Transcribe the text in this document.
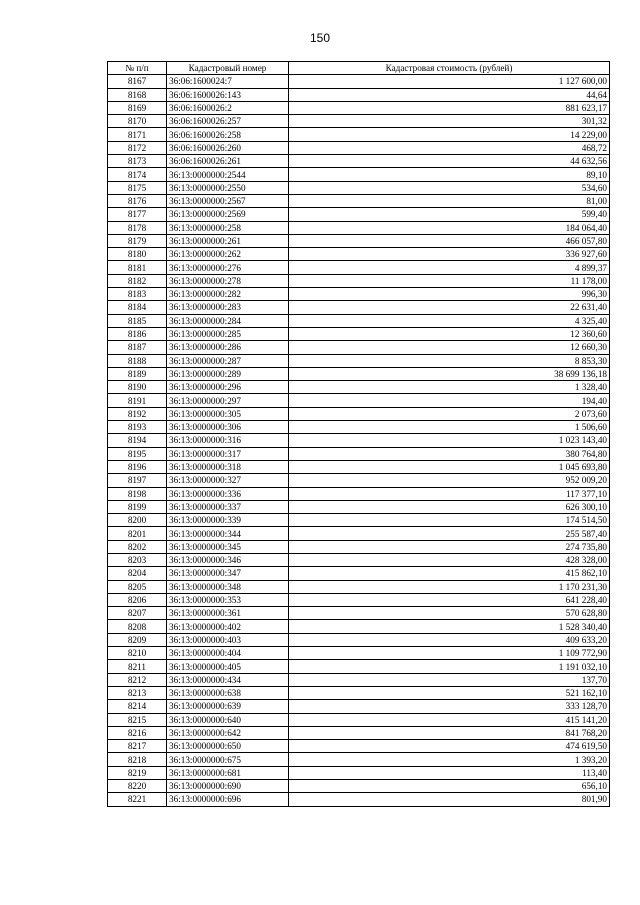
150
№ п/п	Кадастровый номер	Кадастровая стоимость (рублей)
8167	36:06:1600024:7	1 127 600,00
8168	36:06:1600026:143	44,64
8169	36:06:1600026:2	881 623,17
8170	36:06:1600026:257	301,32
8171	36:06:1600026:258	14 229,00
8172	36:06:1600026:260	468,72
8173	36:06:1600026:261	44 632,56
8174	36:13:0000000:2544	89,10
8175	36:13:0000000:2550	534,60
8176	36:13:0000000:2567	81,00
8177	36:13:0000000:2569	599,40
8178	36:13:0000000:258	184 064,40
8179	36:13:0000000:261	466 057,80
8180	36:13:0000000:262	336 927,60
8181	36:13:0000000:276	4 899,37
8182	36:13:0000000:278	11 178,00
8183	36:13:0000000:282	996,30
8184	36:13:0000000:283	22 631,40
8185	36:13:0000000:284	4 325,40
8186	36:13:0000000:285	12 360,60
8187	36:13:0000000:286	12 660,30
8188	36:13:0000000:287	8 853,30
8189	36:13:0000000:289	38 699 136,18
8190	36:13:0000000:296	1 328,40
8191	36:13:0000000:297	194,40
8192	36:13:0000000:305	2 073,60
8193	36:13:0000000:306	1 506,60
8194	36:13:0000000:316	1 023 143,40
8195	36:13:0000000:317	380 764,80
8196	36:13:0000000:318	1 045 693,80
8197	36:13:0000000:327	952 009,20
8198	36:13:0000000:336	117 377,10
8199	36:13:0000000:337	626 300,10
8200	36:13:0000000:339	174 514,50
8201	36:13:0000000:344	255 587,40
8202	36:13:0000000:345	274 735,80
8203	36:13:0000000:346	428 328,00
8204	36:13:0000000:347	415 862,10
8205	36:13:0000000:348	1 170 231,30
8206	36:13:0000000:353	641 228,40
8207	36:13:0000000:361	570 628,80
8208	36:13:0000000:402	1 528 340,40
8209	36:13:0000000:403	409 633,20
8210	36:13:0000000:404	1 109 772,90
8211	36:13:0000000:405	1 191 032,10
8212	36:13:0000000:434	137,70
8213	36:13:0000000:638	521 162,10
8214	36:13:0000000:639	333 128,70
8215	36:13:0000000:640	415 141,20
8216	36:13:0000000:642	841 768,20
8217	36:13:0000000:650	474 619,50
8218	36:13:0000000:675	1 393,20
8219	36:13:0000000:681	113,40
8220	36:13:0000000:690	656,10
8221	36:13:0000000:696	801,90
